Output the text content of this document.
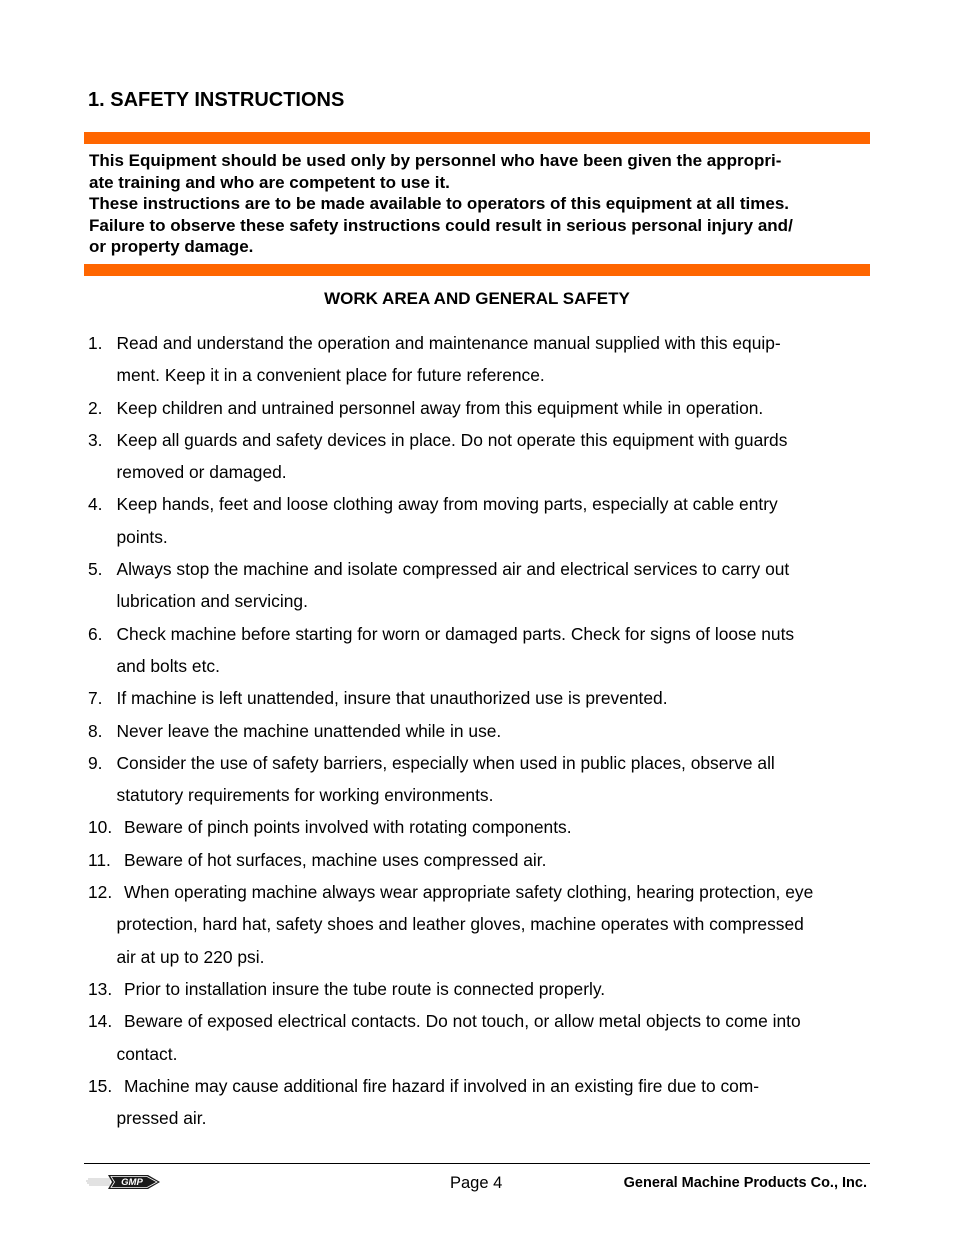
1. SAFETY INSTRUCTIONS

This Equipment should be used only by personnel who have been given the appropri-

ate training and who are competent to use it.

These instructions are to be made available to operators of this equipment at all times.

Failure to observe these safety instructions could result in serious personal injury and/

or property damage.

WORK AREA AND GENERAL SAFETY
1. Read and understand the operation and maintenance manual supplied with this equip-
ment. Keep it in a convenient place for future reference.
2. Keep children and untrained personnel away from this equipment while in operation.
3. Keep all guards and safety devices in place. Do not operate this equipment with guards
removed or damaged.
4. Keep hands, feet and loose clothing away from moving parts, especially at cable entry
points.
5. Always stop the machine and isolate compressed air and electrical services to carry out
lubrication and servicing.
6. Check machine before starting for worn or damaged parts. Check for signs of loose nuts
and bolts etc.
7. If machine is left unattended, insure that unauthorized use is prevented.
8. Never leave the machine unattended while in use.
9. Consider the use of safety barriers, especially when used in public places, observe all
statutory requirements for working environments.
10. Beware of pinch points involved with rotating components.
11. Beware of hot surfaces, machine uses compressed air.
12. When operating machine always wear appropriate safety clothing, hearing protection, eye
protection, hard hat, safety shoes and leather gloves, machine operates with compressed
air at up to 220 psi.
13. Prior to installation insure the tube route is connected properly.
14. Beware of exposed electrical contacts. Do not touch, or allow metal objects to come into
contact.
15. Machine may cause additional fire hazard if involved in an existing fire due to com-
pressed air.
GMP	Page 4	General Machine Products Co., Inc.
